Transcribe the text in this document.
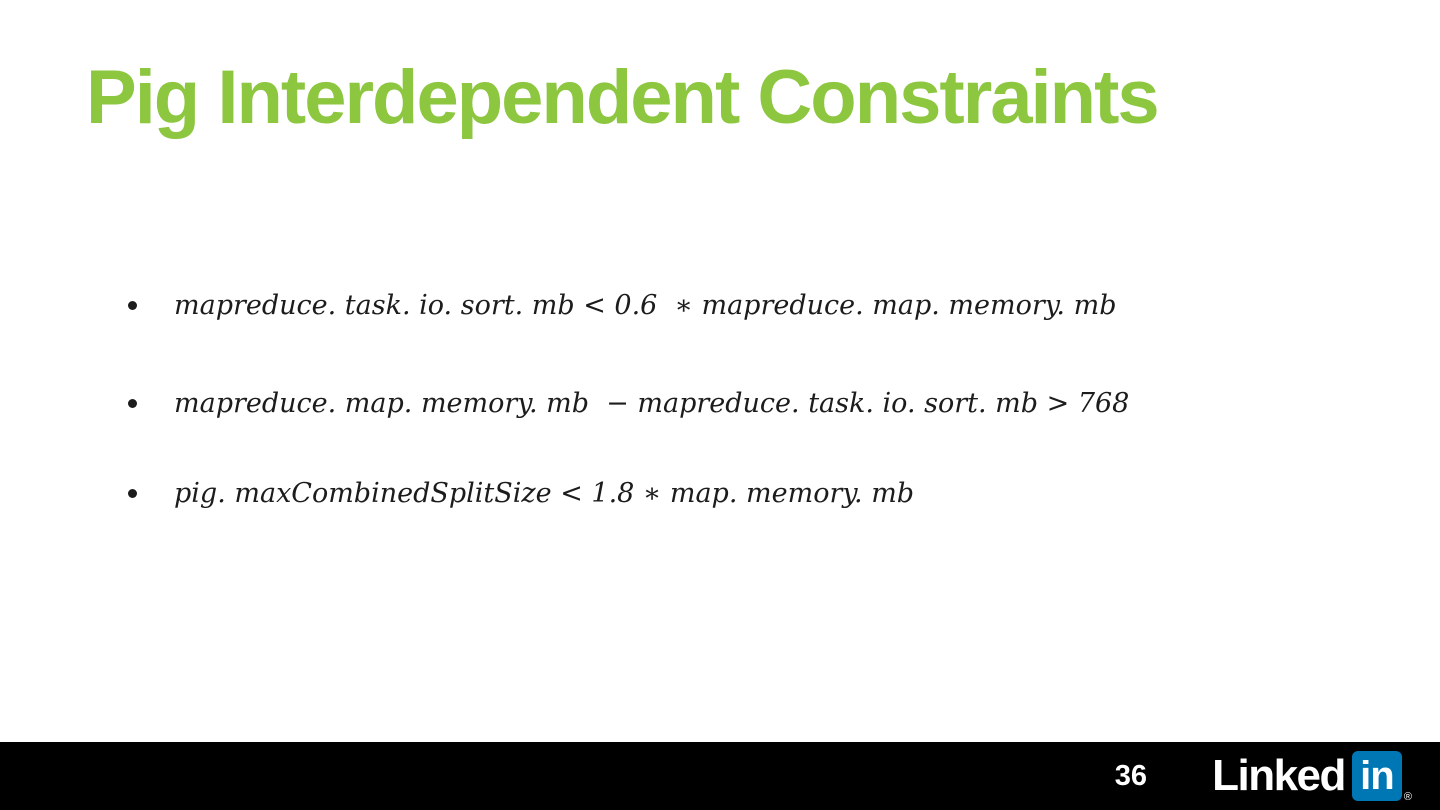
Pig Interdependent Constraints
mapreduce. task. io. sort. mb < 0.6  ∗ mapreduce. map. memory. mb
mapreduce. map. memory. mb  − mapreduce. task. io. sort. mb > 768
pig. maxCombinedSplitSize < 1.8 ∗ map. memory. mb
36 Linked in ®
